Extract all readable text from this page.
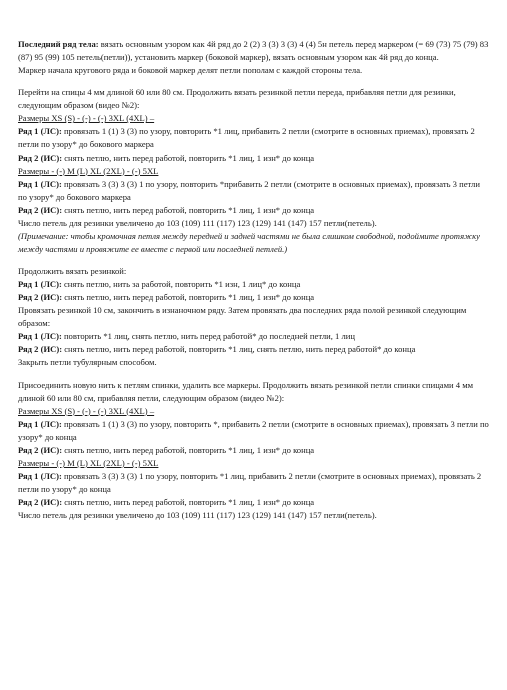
Последний ряд тела: вязать основным узором как 4й ряд до 2 (2) 3 (3) 3 (3) 4 (4) 5н петель перед маркером (= 69 (73) 75 (79) 83 (87) 95 (99) 105 петель(петли)), установить маркер (боковой маркер), вязать основным узором как 4й ряд до конца.

Маркер начала кругового ряда и боковой маркер делят петли пополам с каждой стороны тела.

Перейти на спицы 4 мм длиной 60 или 80 см. Продолжить вязать резинкой петли переда, прибавляя петли для резинки, следующим образом (видео №2):

Размеры XS (S) - (-) - (-) 3XL (4XL) –

Ряд 1 (ЛС): провязать 1 (1) 3 (3) по узору, повторить *1 лиц, прибавить 2 петли (смотрите в основных приемах), провязать 2 петли по узору* до бокового маркера

Ряд 2 (ИС): снять петлю, нить перед работой, повторить *1 лиц, 1 изн* до конца

Размеры - (-) M (L) XL (2XL) - (-) 5XL

Ряд 1 (ЛС): провязать 3 (3) 3 (3) 1 по узору, повторить *прибавить 2 петли (смотрите в основных приемах), провязать 3 петли по узору* до бокового маркера

Ряд 2 (ИС): снять петлю, нить перед работой, повторить *1 лиц, 1 изн* до конца

Число петель для резинки увеличено до 103 (109) 111 (117) 123 (129) 141 (147) 157 петли(петель).

(Примечание: чтобы кромочная петля между передней и задней частями не была слишком свободной, подоймите протяжку между частями и провяжите ее вместе с первой или последней петлей.)

Продолжить вязать резинкой:

Ряд 1 (ЛС): снять петлю, нить за работой, повторить *1 изн, 1 лиц* до конца

Ряд 2 (ИС): снять петлю, нить перед работой, повторить *1 лиц, 1 изн* до конца

Провязать резинкой 10 см, закончить в изнаночном ряду. Затем провязать два последних ряда полой резинкой следующим образом:

Ряд 1 (ЛС): повторить *1 лиц, снять петлю, нить перед работой* до последней петли, 1 лиц

Ряд 2 (ИС): снять петлю, нить перед работой, повторить *1 лиц, снять петлю, нить перед работой* до конца

Закрыть петли тубулярным способом.

Присоединить новую нить к петлям спинки, удалить все маркеры. Продолжить вязать резинкой петли спинки спицами 4 мм длиной 60 или 80 см, прибавляя петли, следующим образом (видео №2):

Размеры XS (S) - (-) - (-) 3XL (4XL) –

Ряд 1 (ЛС): провязать 1 (1) 3 (3) по узору, повторить *, прибавить 2 петли (смотрите в основных приемах), провязать 3 петли по узору* до конца

Ряд 2 (ИС): снять петлю, нить перед работой, повторить *1 лиц, 1 изн* до конца

Размеры - (-) M (L) XL (2XL) - (-) 5XL

Ряд 1 (ЛС): провязать 3 (3) 3 (3) 1 по узору, повторить *1 лиц, прибавить 2 петли (смотрите в основных приемах), провязать 2 петли по узору* до конца

Ряд 2 (ИС): снять петлю, нить перед работой, повторить *1 лиц, 1 изн* до конца

Число петель для резинки увеличено до 103 (109) 111 (117) 123 (129) 141 (147) 157 петли(петель).
